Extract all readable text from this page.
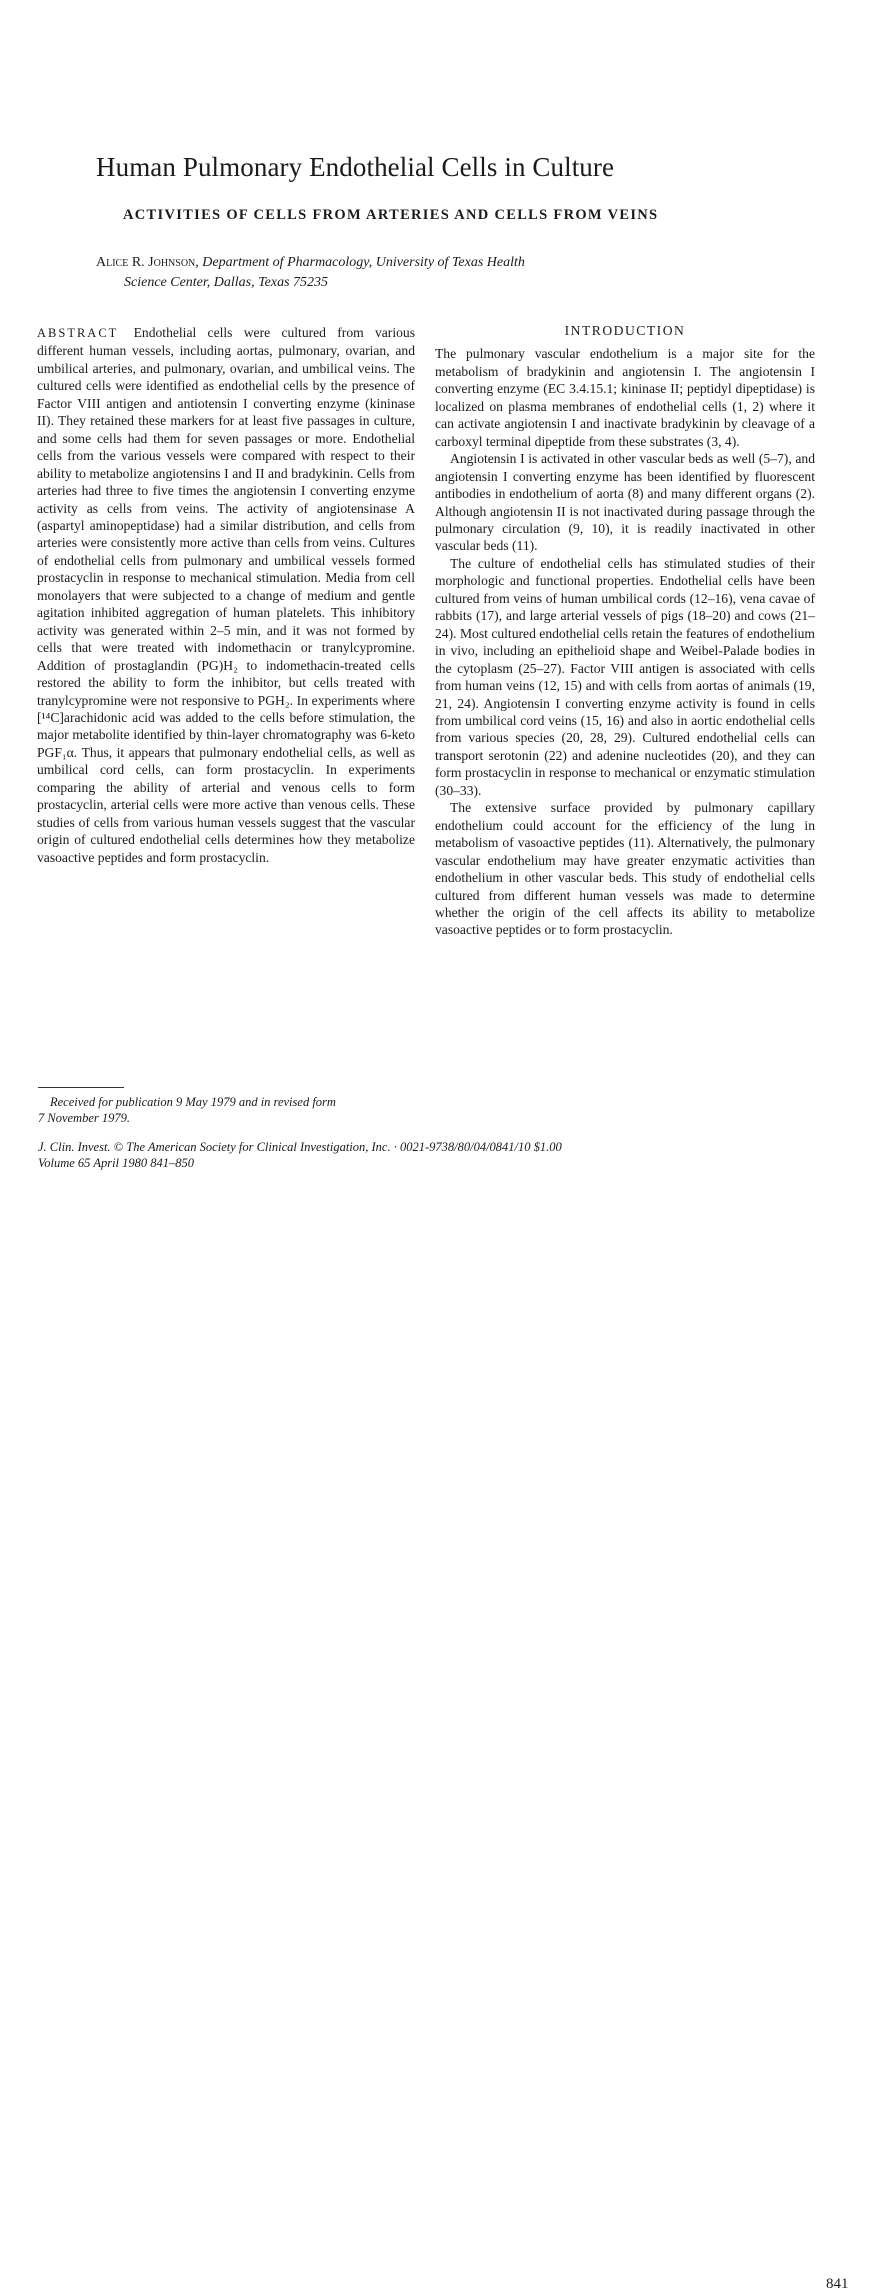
Human Pulmonary Endothelial Cells in Culture
ACTIVITIES OF CELLS FROM ARTERIES AND CELLS FROM VEINS
Alice R. Johnson, Department of Pharmacology, University of Texas Health
Science Center, Dallas, Texas 75235

ABSTRACT Endothelial cells were cultured from various different human vessels, including aortas, pulmonary, ovarian, and umbilical arteries, and pulmonary, ovarian, and umbilical veins. The cultured cells were identified as endothelial cells by the presence of Factor VIII antigen and antiotensin I converting enzyme (kininase II). They retained these markers for at least five passages in culture, and some cells had them for seven passages or more. Endothelial cells from the various vessels were compared with respect to their ability to metabolize angiotensins I and II and bradykinin. Cells from arteries had three to five times the angiotensin I converting enzyme activity as cells from veins. The activity of angiotensinase A (aspartyl aminopeptidase) had a similar distribution, and cells from arteries were consistently more active than cells from veins. Cultures of endothelial cells from pulmonary and umbilical vessels formed prostacyclin in response to mechanical stimulation. Media from cell monolayers that were subjected to a change of medium and gentle agitation inhibited aggregation of human platelets. This inhibitory activity was generated within 2–5 min, and it was not formed by cells that were treated with indomethacin or tranylcypromine. Addition of prostaglandin (PG)H₂ to indomethacin-treated cells restored the ability to form the inhibitor, but cells treated with tranylcypromine were not responsive to PGH₂. In experiments where [¹⁴C]arachidonic acid was added to the cells before stimulation, the major metabolite identified by thin-layer chromatography was 6-keto PGF₁α. Thus, it appears that pulmonary endothelial cells, as well as umbilical cord cells, can form prostacyclin. In experiments comparing the ability of arterial and venous cells to form prostacyclin, arterial cells were more active than venous cells. These studies of cells from various human vessels suggest that the vascular origin of cultured endothelial cells determines how they metabolize vasoactive peptides and form prostacyclin.

Received for publication 9 May 1979 and in revised form
7 November 1979.
INTRODUCTION

The pulmonary vascular endothelium is a major site for the metabolism of bradykinin and angiotensin I. The angiotensin I converting enzyme (EC 3.4.15.1; kininase II; peptidyl dipeptidase) is localized on plasma membranes of endothelial cells (1, 2) where it can activate angiotensin I and inactivate bradykinin by cleavage of a carboxyl terminal dipeptide from these substrates (3, 4).

Angiotensin I is activated in other vascular beds as well (5–7), and angiotensin I converting enzyme has been identified by fluorescent antibodies in endothelium of aorta (8) and many different organs (2). Although angiotensin II is not inactivated during passage through the pulmonary circulation (9, 10), it is readily inactivated in other vascular beds (11).

The culture of endothelial cells has stimulated studies of their morphologic and functional properties. Endothelial cells have been cultured from veins of human umbilical cords (12–16), vena cavae of rabbits (17), and large arterial vessels of pigs (18–20) and cows (21–24). Most cultured endothelial cells retain the features of endothelium in vivo, including an epithelioid shape and Weibel-Palade bodies in the cytoplasm (25–27). Factor VIII antigen is associated with cells from human veins (12, 15) and with cells from aortas of animals (19, 21, 24). Angiotensin I converting enzyme activity is found in cells from umbilical cord veins (15, 16) and also in aortic endothelial cells from various species (20, 28, 29). Cultured endothelial cells can transport serotonin (22) and adenine nucleotides (20), and they can form prostacyclin in response to mechanical or enzymatic stimulation (30–33).

The extensive surface provided by pulmonary capillary endothelium could account for the efficiency of the lung in metabolism of vasoactive peptides (11). Alternatively, the pulmonary vascular endothelium may have greater enzymatic activities than endothelium in other vascular beds. This study of endothelial cells cultured from different human vessels was made to determine whether the origin of the cell affects its ability to metabolize vasoactive peptides or to form prostacyclin.

J. Clin. Invest. © The American Society for Clinical Investigation, Inc. · 0021-9738/80/04/0841/10 $1.00
Volume 65 April 1980 841–850
841
